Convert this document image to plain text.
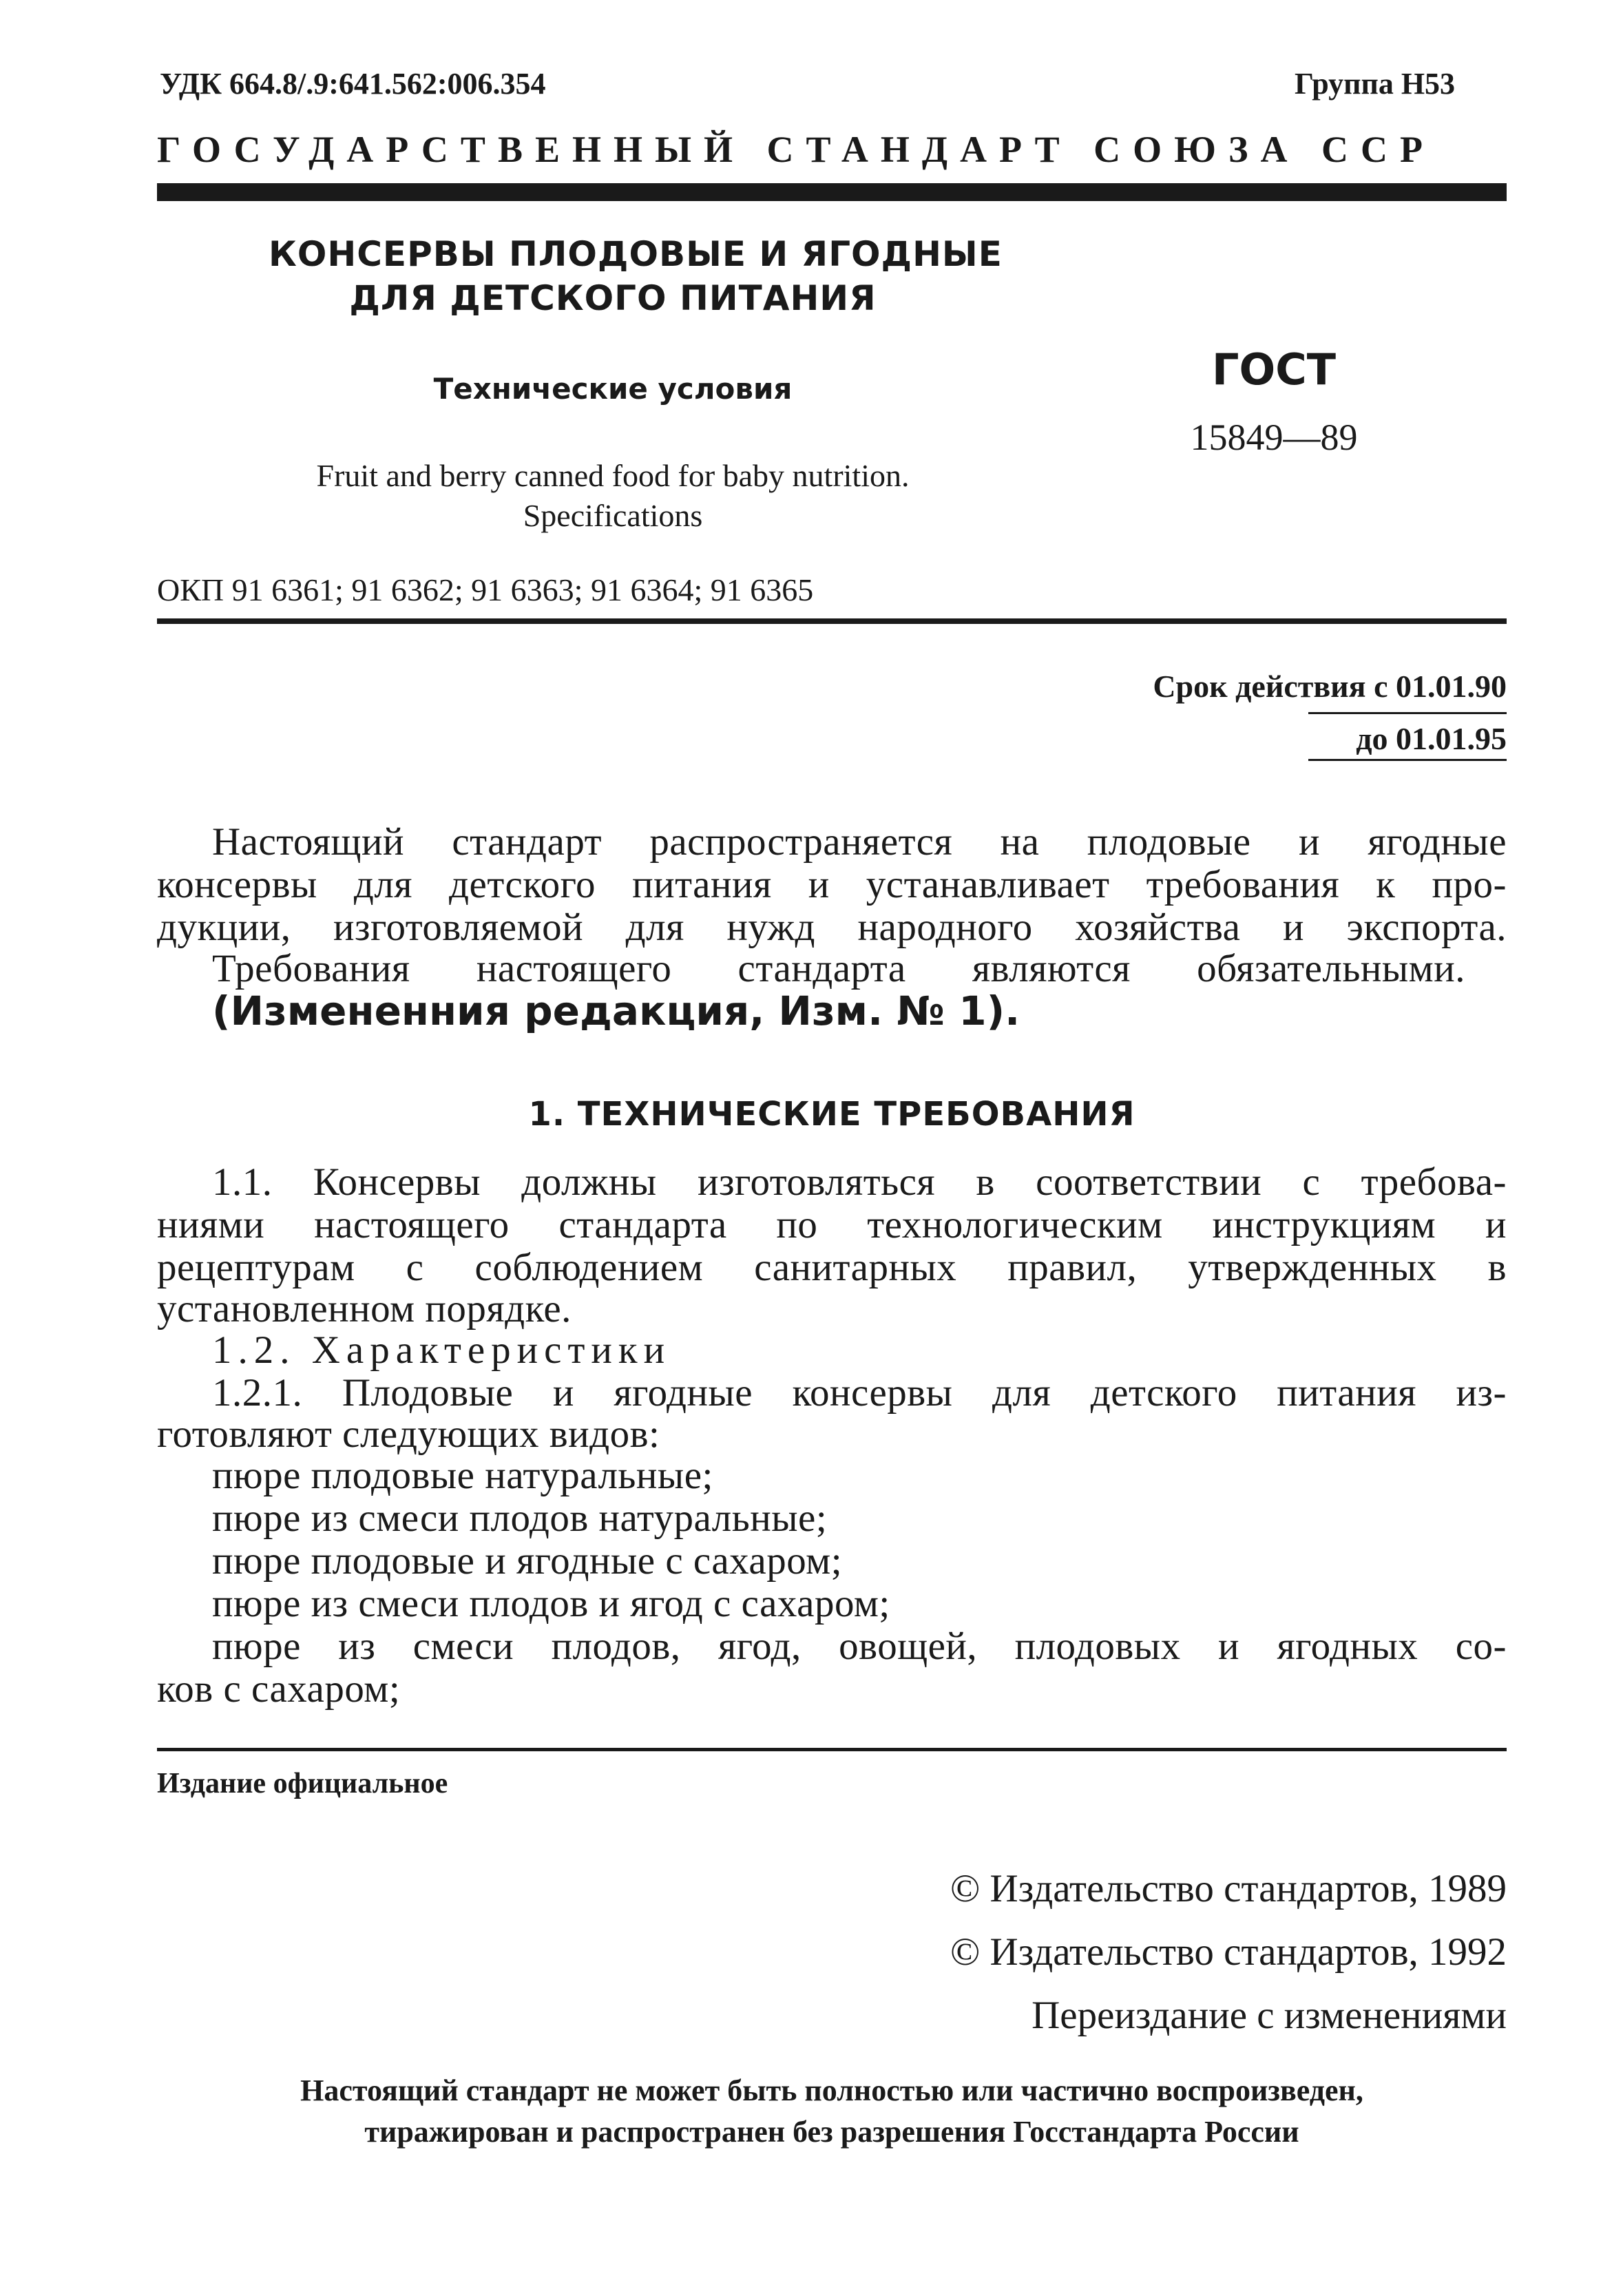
УДК 664.8/.9:641.562:006.354	Группа Н53
ГОСУДАРСТВЕННЫЙ СТАНДАРТ СОЮЗА ССР
КОНСЕРВЫ ПЛОДОВЫЕ И ЯГОДНЫЕ
ДЛЯ ДЕТСКОГО ПИТАНИЯ
Технические условия
Fruit and berry canned food for baby nutrition.
Specifications
ГОСТ
15849—89
ОКП 91 6361; 91 6362; 91 6363; 91 6364; 91 6365
Срок действия с 01.01.90
до 01.01.95
Настоящий стандарт распространяется на плодовые и ягодные
консервы для детского питания и устанавливает требования к про-
дукции, изготовляемой для нужд народного хозяйства и экспорта.
Требования настоящего стандарта являются обязательными.
(Измененния редакция, Изм. № 1).
1. ТЕХНИЧЕСКИЕ ТРЕБОВАНИЯ
1.1. Консервы должны изготовляться в соответствии с требова-
ниями настоящего стандарта по технологическим инструкциям и
рецептурам с соблюдением санитарных правил, утвержденных в
установленном порядке.
1.2. Характеристики
1.2.1. Плодовые и ягодные консервы для детского питания из-
готовляют следующих видов:
пюре плодовые натуральные;
пюре из смеси плодов натуральные;
пюре плодовые и ягодные с сахаром;
пюре из смеси плодов и ягод с сахаром;
пюре из смеси плодов, ягод, овощей, плодовых и ягодных со-
ков с сахаром;
Издание официальное
© Издательство стандартов, 1989
© Издательство стандартов, 1992
Переиздание с изменениями
Настоящий стандарт не может быть полностью или частично воспроизведен,
тиражирован и распространен без разрешения Госстандарта России
